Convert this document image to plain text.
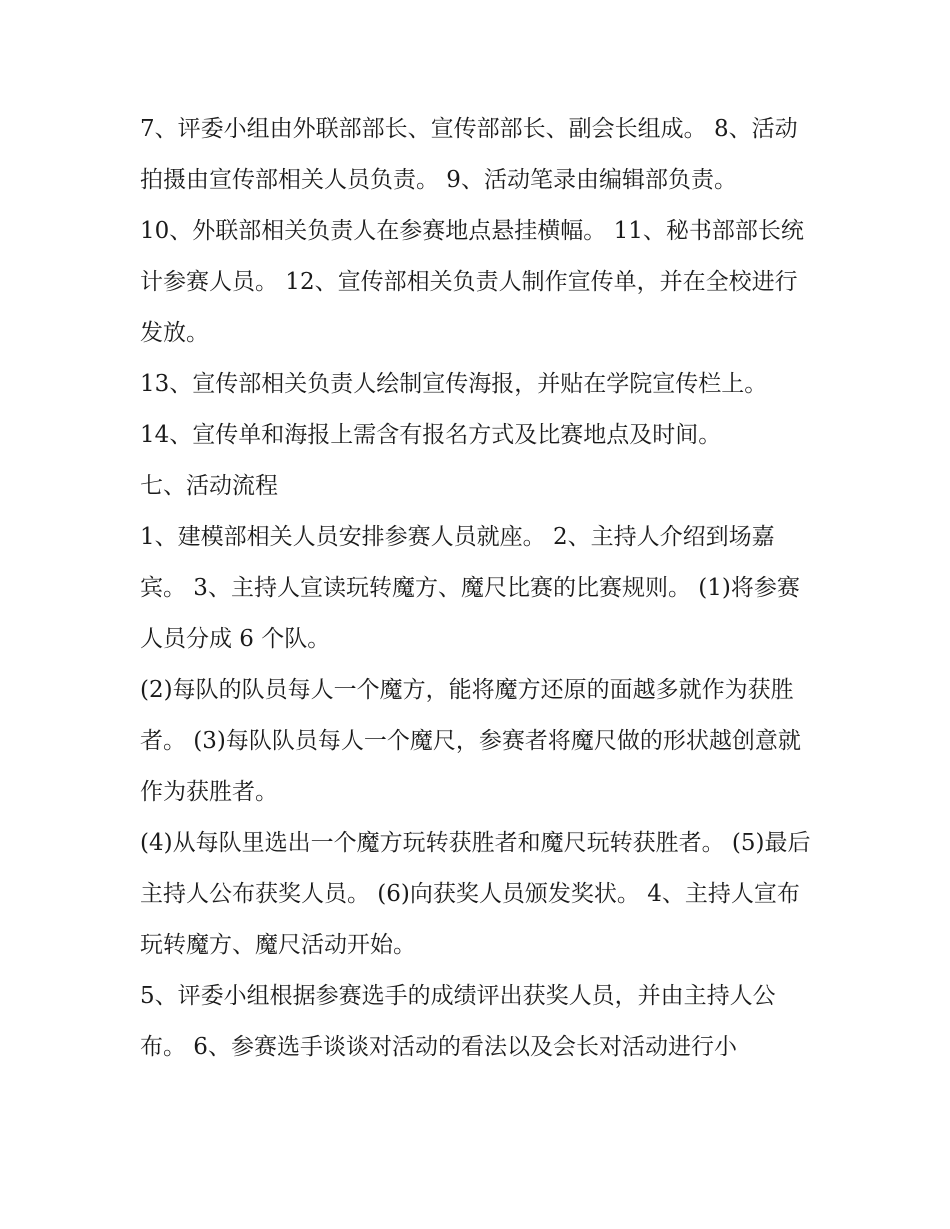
7、评委小组由外联部部长、宣传部部长、副会长组成。 8、活动拍摄由宣传部相关人员负责。 9、活动笔录由编辑部负责。

10、外联部相关负责人在参赛地点悬挂横幅。 11、秘书部部长统计参赛人员。 12、宣传部相关负责人制作宣传单，并在全校进行发放。

13、宣传部相关负责人绘制宣传海报，并贴在学院宣传栏上。

14、宣传单和海报上需含有报名方式及比赛地点及时间。

七、活动流程

1、建模部相关人员安排参赛人员就座。 2、主持人介绍到场嘉宾。 3、主持人宣读玩转魔方、魔尺比赛的比赛规则。 (1)将参赛人员分成 6 个队。

(2)每队的队员每人一个魔方，能将魔方还原的面越多就作为获胜者。 (3)每队队员每人一个魔尺，参赛者将魔尺做的形状越创意就作为获胜者。

(4)从每队里选出一个魔方玩转获胜者和魔尺玩转获胜者。 (5)最后主持人公布获奖人员。 (6)向获奖人员颁发奖状。 4、主持人宣布玩转魔方、魔尺活动开始。

5、评委小组根据参赛选手的成绩评出获奖人员，并由主持人公布。 6、参赛选手谈谈对活动的看法以及会长对活动进行小
